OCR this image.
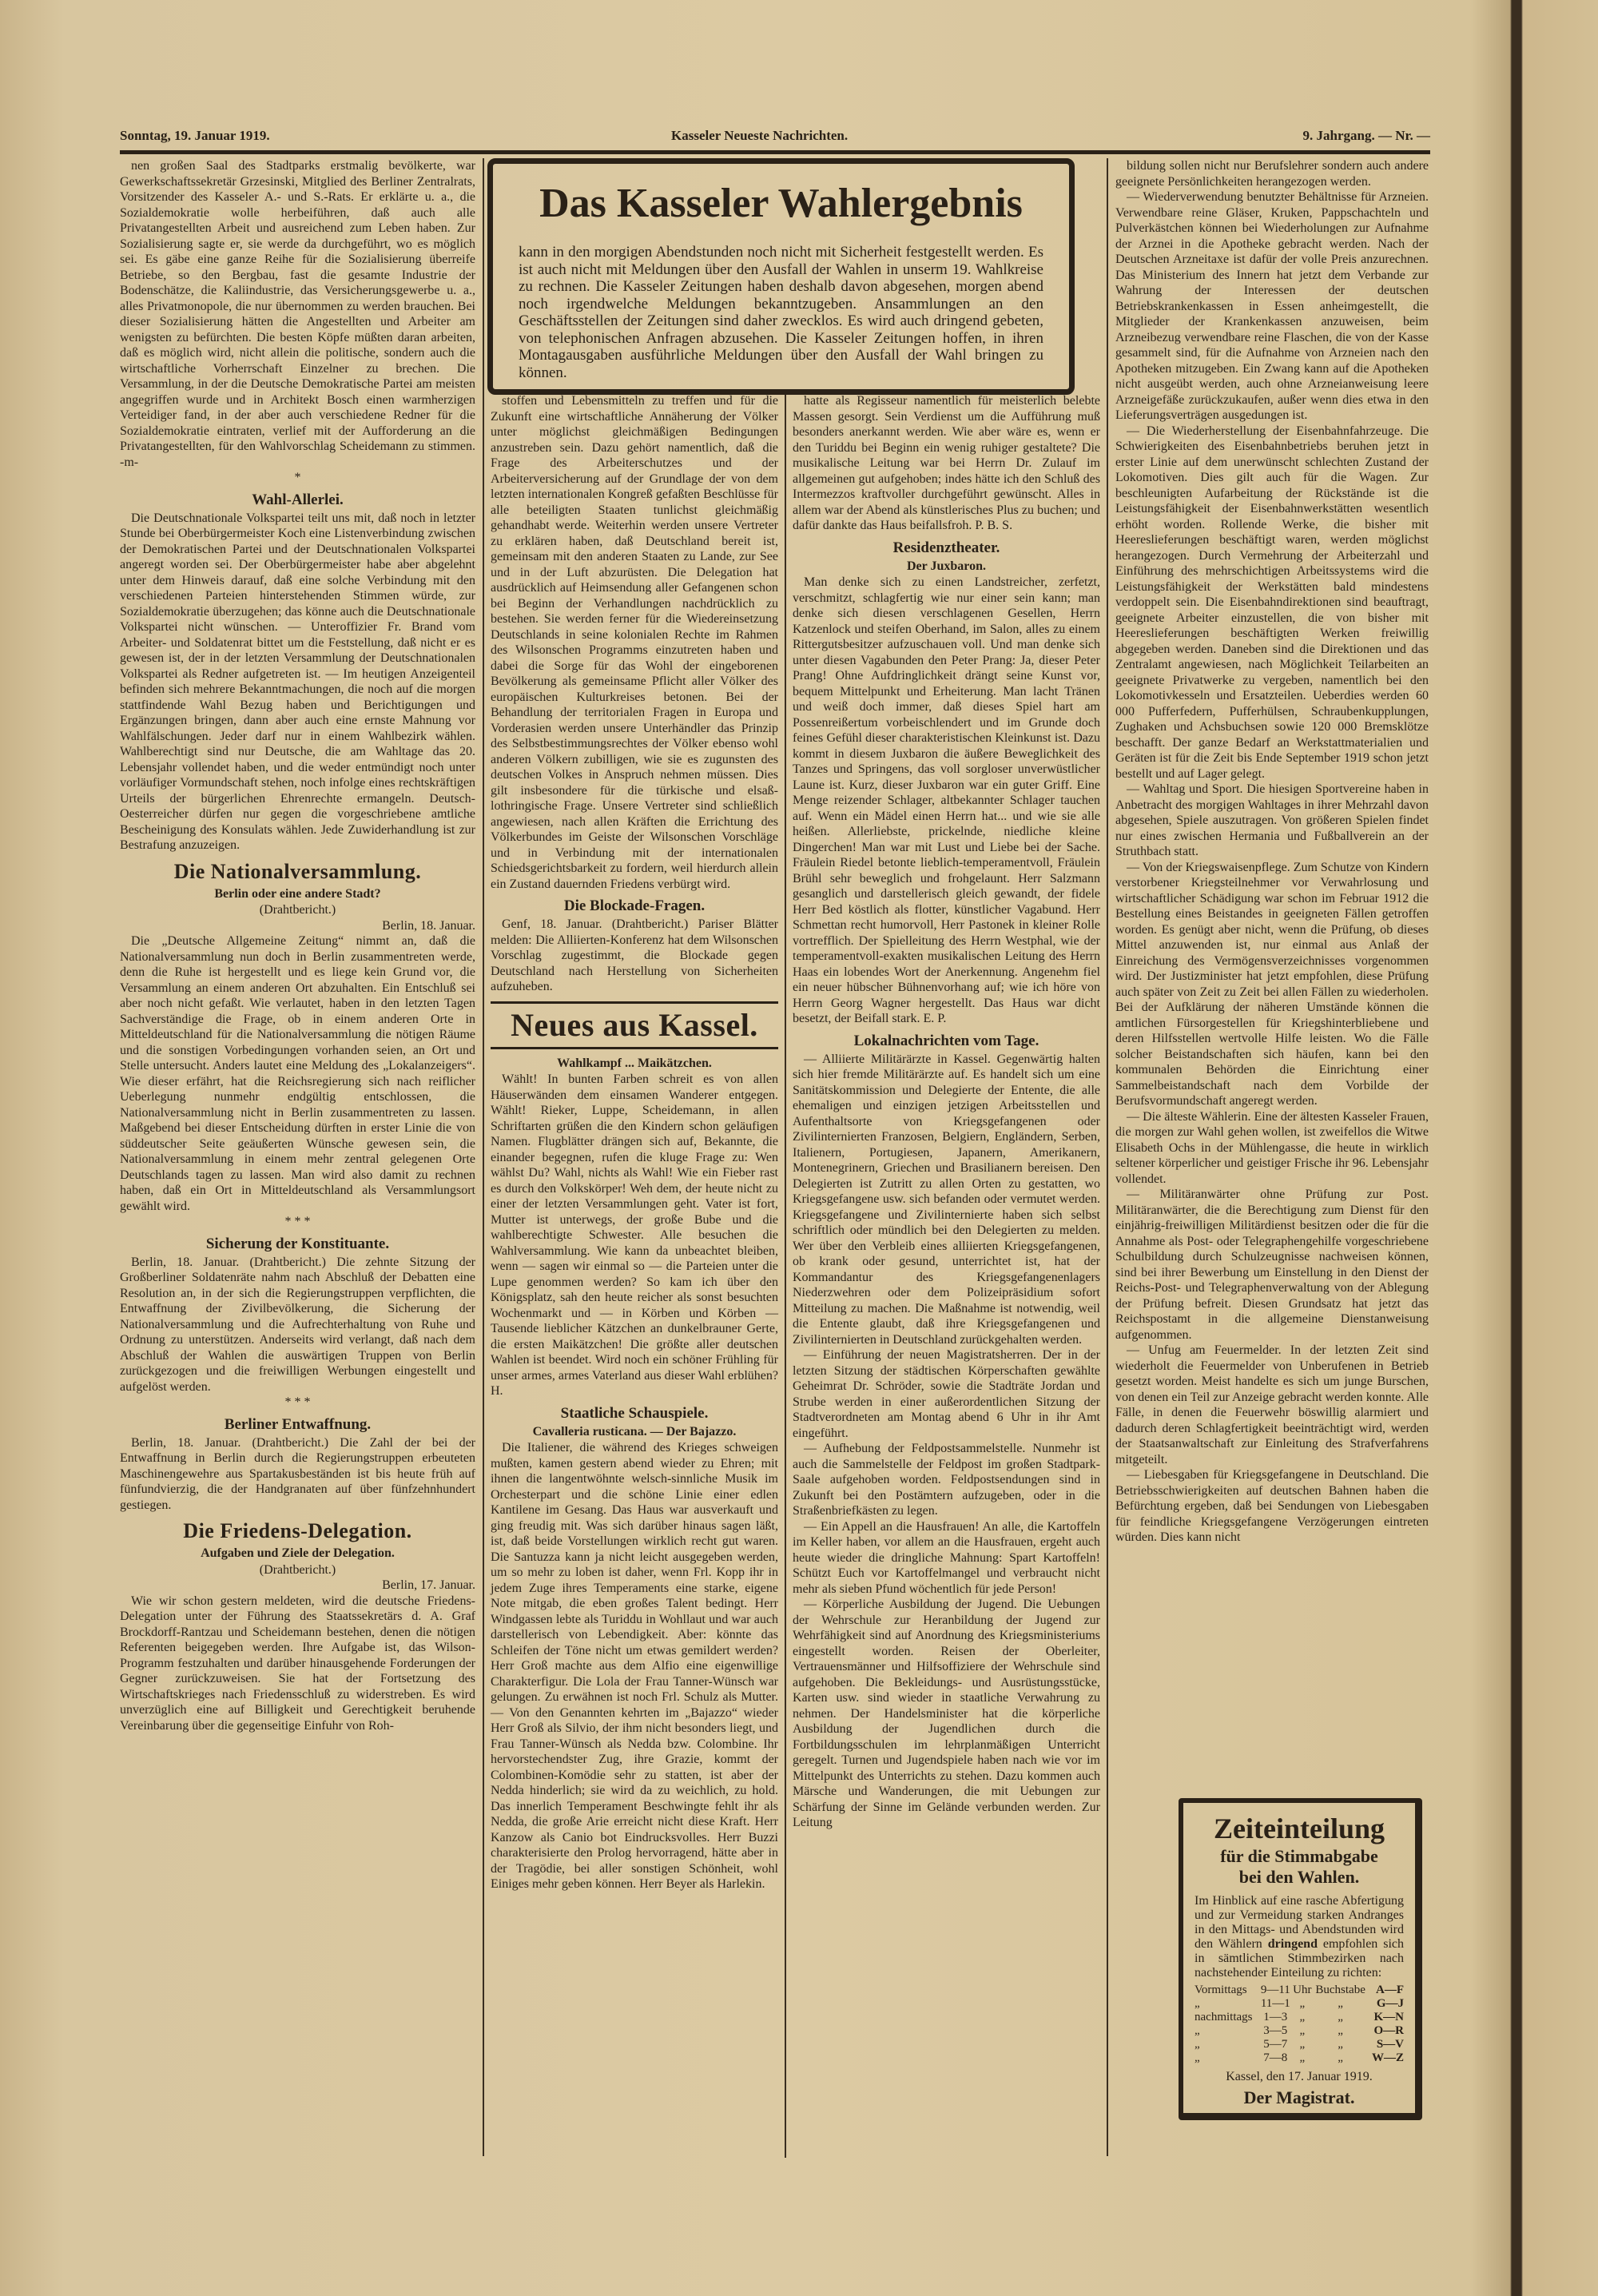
Sonntag, 19. Januar 1919.	Kasseler Neueste Nachrichten.	9. Jahrgang. — Nr. —
Das Kasseler Wahlergebnis
kann in den morgigen Abendstunden noch nicht mit Sicherheit festgestellt werden. Es ist auch nicht mit Meldungen über den Ausfall der Wahlen in unserm 19. Wahlkreise zu rechnen. Die Kasseler Zeitungen haben deshalb davon abgesehen, morgen abend noch irgendwelche Meldungen bekanntzugeben. Ansammlungen an den Geschäftsstellen der Zeitungen sind daher zwecklos. Es wird auch dringend gebeten, von telephonischen Anfragen abzusehen. Die Kasseler Zeitungen hoffen, in ihren Montagausgaben ausführliche Meldungen über den Ausfall der Wahl bringen zu können.

nen großen Saal des Stadtparks erstmalig bevölkerte, war Gewerkschaftssekretär Grzesinski, Mitglied des Berliner Zentralrats, Vorsitzender des Kasseler A.- und S.-Rats. Er erklärte u. a., die Sozialdemokratie wolle herbeiführen, daß auch alle Privatangestellten Arbeit und ausreichend zum Leben haben. Zur Sozialisierung sagte er, sie werde da durchgeführt, wo es möglich sei. Es gäbe eine ganze Reihe für die Sozialisierung überreife Betriebe, so den Bergbau, fast die gesamte Industrie der Bodenschätze, die Kaliindustrie, das Versicherungsgewerbe u. a., alles Privatmonopole, die nur übernommen zu werden brauchen. Bei dieser Sozialisierung hätten die Angestellten und Arbeiter am wenigsten zu befürchten. Die besten Köpfe müßten daran arbeiten, daß es möglich wird, nicht allein die politische, sondern auch die wirtschaftliche Vorherrschaft Einzelner zu brechen. Die Versammlung, in der die Deutsche Demokratische Partei am meisten angegriffen wurde und in Architekt Bosch einen warmherzigen Verteidiger fand, in der aber auch verschiedene Redner für die Sozialdemokratie eintraten, verlief mit der Aufforderung an die Privatangestellten, für den Wahlvorschlag Scheidemann zu stimmen. -m-

*

Wahl-Allerlei.

Die Deutschnationale Volkspartei teilt uns mit, daß noch in letzter Stunde bei Oberbürgermeister Koch eine Listenverbindung zwischen der Demokratischen Partei und der Deutschnationalen Volkspartei angeregt worden sei. Der Oberbürgermeister habe aber abgelehnt unter dem Hinweis darauf, daß eine solche Verbindung mit den verschiedenen Parteien hinterstehenden Stimmen würde, zur Sozialdemokratie überzugehen; das könne auch die Deutschnationale Volkspartei nicht wünschen. — Unteroffizier Fr. Brand vom Arbeiter- und Soldatenrat bittet um die Feststellung, daß nicht er es gewesen ist, der in der letzten Versammlung der Deutschnationalen Volkspartei als Redner aufgetreten ist. — Im heutigen Anzeigenteil befinden sich mehrere Bekanntmachungen, die noch auf die morgen stattfindende Wahl Bezug haben und Berichtigungen und Ergänzungen bringen, dann aber auch eine ernste Mahnung vor Wahlfälschungen. Jeder darf nur in einem Wahlbezirk wählen. Wahlberechtigt sind nur Deutsche, die am Wahltage das 20. Lebensjahr vollendet haben, und die weder entmündigt noch unter vorläufiger Vormundschaft stehen, noch infolge eines rechtskräftigen Urteils der bürgerlichen Ehrenrechte ermangeln. Deutsch-Oesterreicher dürfen nur gegen die vorgeschriebene amtliche Bescheinigung des Konsulats wählen. Jede Zuwiderhandlung ist zur Bestrafung anzuzeigen.

Die Nationalversammlung.
Berlin oder eine andere Stadt?

(Drahtbericht.)

Berlin, 18. Januar.

Die „Deutsche Allgemeine Zeitung“ nimmt an, daß die Nationalversammlung nun doch in Berlin zusammentreten werde, denn die Ruhe ist hergestellt und es liege kein Grund vor, die Versammlung an einem anderen Ort abzuhalten. Ein Entschluß sei aber noch nicht gefaßt. Wie verlautet, haben in den letzten Tagen Sachverständige die Frage, ob in einem anderen Orte in Mitteldeutschland für die Nationalversammlung die nötigen Räume und die sonstigen Vorbedingungen vorhanden seien, an Ort und Stelle untersucht. Anders lautet eine Meldung des „Lokalanzeigers“. Wie dieser erfährt, hat die Reichsregierung sich nach reiflicher Ueberlegung nunmehr endgültig entschlossen, die Nationalversammlung nicht in Berlin zusammentreten zu lassen. Maßgebend bei dieser Entscheidung dürften in erster Linie die von süddeutscher Seite geäußerten Wünsche gewesen sein, die Nationalversammlung in einem mehr zentral gelegenen Orte Deutschlands tagen zu lassen. Man wird also damit zu rechnen haben, daß ein Ort in Mitteldeutschland als Versammlungsort gewählt wird.

* * *

Sicherung der Konstituante.

Berlin, 18. Januar. (Drahtbericht.) Die zehnte Sitzung der Großberliner Soldatenräte nahm nach Abschluß der Debatten eine Resolution an, in der sich die Regierungstruppen verpflichten, die Entwaffnung der Zivilbevölkerung, die Sicherung der Nationalversammlung und die Aufrechterhaltung von Ruhe und Ordnung zu unterstützen. Anderseits wird verlangt, daß nach dem Abschluß der Wahlen die auswärtigen Truppen von Berlin zurückgezogen und die freiwilligen Werbungen eingestellt und aufgelöst werden.

* * *

Berliner Entwaffnung.

Berlin, 18. Januar. (Drahtbericht.) Die Zahl der bei der Entwaffnung in Berlin durch die Regierungstruppen erbeuteten Maschinengewehre aus Spartakusbeständen ist bis heute früh auf fünfundvierzig, die der Handgranaten auf über fünfzehnhundert gestiegen.

Die Friedens-Delegation.
Aufgaben und Ziele der Delegation.

(Drahtbericht.)

Berlin, 17. Januar.

Wie wir schon gestern meldeten, wird die deutsche Friedens-Delegation unter der Führung des Staatssekretärs d. A. Graf Brockdorff-Rantzau und Scheidemann bestehen, denen die nötigen Referenten beigegeben werden. Ihre Aufgabe ist, das Wilson-Programm festzuhalten und darüber hinausgehende Forderungen der Gegner zurückzuweisen. Sie hat der Fortsetzung des Wirtschaftskrieges nach Friedensschluß zu widerstreben. Es wird unverzüglich eine auf Billigkeit und Gerechtigkeit beruhende Vereinbarung über die gegenseitige Einfuhr von Roh-

stoffen und Lebensmitteln zu treffen und für die Zukunft eine wirtschaftliche Annäherung der Völker unter möglichst gleichmäßigen Bedingungen anzustreben sein. Dazu gehört namentlich, daß die Frage des Arbeiterschutzes und der Arbeiterversicherung auf der Grundlage der von dem letzten internationalen Kongreß gefaßten Beschlüsse für alle beteiligten Staaten tunlichst gleichmäßig gehandhabt werde. Weiterhin werden unsere Vertreter zu erklären haben, daß Deutschland bereit ist, gemeinsam mit den anderen Staaten zu Lande, zur See und in der Luft abzurüsten. Die Delegation hat ausdrücklich auf Heimsendung aller Gefangenen schon bei Beginn der Verhandlungen nachdrücklich zu bestehen. Sie werden ferner für die Wiedereinsetzung Deutschlands in seine kolonialen Rechte im Rahmen des Wilsonschen Programms einzutreten haben und dabei die Sorge für das Wohl der eingeborenen Bevölkerung als gemeinsame Pflicht aller Völker des europäischen Kulturkreises betonen. Bei der Behandlung der territorialen Fragen in Europa und Vorderasien werden unsere Unterhändler das Prinzip des Selbstbestimmungsrechtes der Völker ebenso wohl anderen Völkern zubilligen, wie sie es zugunsten des deutschen Volkes in Anspruch nehmen müssen. Dies gilt insbesondere für die türkische und elsaß-lothringische Frage. Unsere Vertreter sind schließlich angewiesen, nach allen Kräften die Errichtung des Völkerbundes im Geiste der Wilsonschen Vorschläge und in Verbindung mit der internationalen Schiedsgerichtsbarkeit zu fordern, weil hierdurch allein ein Zustand dauernden Friedens verbürgt wird.

Die Blockade-Fragen.

Genf, 18. Januar. (Drahtbericht.) Pariser Blätter melden: Die Alliierten-Konferenz hat dem Wilsonschen Vorschlag zugestimmt, die Blockade gegen Deutschland nach Herstellung von Sicherheiten aufzuheben.

Neues aus Kassel.
Wahlkampf ... Maikätzchen.

Wählt! In bunten Farben schreit es von allen Häuserwänden dem einsamen Wanderer entgegen. Wählt! Rieker, Luppe, Scheidemann, in allen Schriftarten grüßen die den Kindern schon geläufigen Namen. Flugblätter drängen sich auf, Bekannte, die einander begegnen, rufen die kluge Frage zu: Wen wählst Du? Wahl, nichts als Wahl! Wie ein Fieber rast es durch den Volkskörper! Weh dem, der heute nicht zu einer der letzten Versammlungen geht. Vater ist fort, Mutter ist unterwegs, der große Bube und die wahlberechtigte Schwester. Alle besuchen die Wahlversammlung. Wie kann da unbeachtet bleiben, wenn — sagen wir einmal so — die Parteien unter die Lupe genommen werden? So kam ich über den Königsplatz, sah den heute reicher als sonst besuchten Wochenmarkt und — in Körben und Körben — Tausende lieblicher Kätzchen an dunkelbrauner Gerte, die ersten Maikätzchen! Die größte aller deutschen Wahlen ist beendet. Wird noch ein schöner Frühling für unser armes, armes Vaterland aus dieser Wahl erblühen? H.

Staatliche Schauspiele.
Cavalleria rusticana. — Der Bajazzo.

Die Italiener, die während des Krieges schweigen mußten, kamen gestern abend wieder zu Ehren; mit ihnen die langentwöhnte welsch-sinnliche Musik im Orchesterpart und die schöne Linie einer edlen Kantilene im Gesang. Das Haus war ausverkauft und ging freudig mit. Was sich darüber hinaus sagen läßt, ist, daß beide Vorstellungen wirklich recht gut waren. Die Santuzza kann ja nicht leicht ausgegeben werden, um so mehr zu loben ist daher, wenn Frl. Kopp ihr in jedem Zuge ihres Temperaments eine starke, eigene Note mitgab, die eben großes Talent bedingt. Herr Windgassen lebte als Turiddu in Wohllaut und war auch darstellerisch von Lebendigkeit. Aber: könnte das Schleifen der Töne nicht um etwas gemildert werden? Herr Groß machte aus dem Alfio eine eigenwillige Charakterfigur. Die Lola der Frau Tanner-Wünsch war gelungen. Zu erwähnen ist noch Frl. Schulz als Mutter. — Von den Genannten kehrten im „Bajazzo“ wieder Herr Groß als Silvio, der ihm nicht besonders liegt, und Frau Tanner-Wünsch als Nedda bzw. Colombine. Ihr hervorstechendster Zug, ihre Grazie, kommt der Colombinen-Komödie sehr zu statten, ist aber der Nedda hinderlich; sie wird da zu weichlich, zu hold. Das innerlich Temperament Beschwingte fehlt ihr als Nedda, die große Arie erreicht nicht diese Kraft. Herr Kanzow als Canio bot Eindrucksvolles. Herr Buzzi charakterisierte den Prolog hervorragend, hätte aber in der Tragödie, bei aller sonstigen Schönheit, wohl Einiges mehr geben können. Herr Beyer als Harlekin.

hatte als Regisseur namentlich für meisterlich belebte Massen gesorgt. Sein Verdienst um die Aufführung muß besonders anerkannt werden. Wie aber wäre es, wenn er den Turiddu bei Beginn ein wenig ruhiger gestaltete? Die musikalische Leitung war bei Herrn Dr. Zulauf im allgemeinen gut aufgehoben; indes hätte ich den Schluß des Intermezzos kraftvoller durchgeführt gewünscht. Alles in allem war der Abend als künstlerisches Plus zu buchen; und dafür dankte das Haus beifallsfroh. P. B. S.

Residenztheater.
Der Juxbaron.

Man denke sich zu einen Landstreicher, zerfetzt, verschmitzt, schlagfertig wie nur einer sein kann; man denke sich diesen verschlagenen Gesellen, Herrn Katzenlock und steifen Oberhand, im Salon, alles zu einem Rittergutsbesitzer aufzuschauen voll. Und man denke sich unter diesen Vagabunden den Peter Prang: Ja, dieser Peter Prang! Ohne Aufdringlichkeit drängt seine Kunst vor, bequem Mittelpunkt und Erheiterung. Man lacht Tränen und weiß doch immer, daß dieses Spiel hart am Possenreißertum vorbeischlendert und im Grunde doch feines Gefühl dieser charakteristischen Kleinkunst ist. Dazu kommt in diesem Juxbaron die äußere Beweglichkeit des Tanzes und Springens, das voll sorgloser unverwüstlicher Laune ist. Kurz, dieser Juxbaron war ein guter Griff. Eine Menge reizender Schlager, altbekannter Schlager tauchen auf. Wenn ein Mädel einen Herrn hat... und wie sie alle heißen. Allerliebste, prickelnde, niedliche kleine Dingerchen! Man war mit Lust und Liebe bei der Sache. Fräulein Riedel betonte lieblich-temperamentvoll, Fräulein Brühl sehr beweglich und frohgelaunt. Herr Salzmann gesanglich und darstellerisch gleich gewandt, der fidele Herr Bed köstlich als flotter, künstlicher Vagabund. Herr Schmettan recht humorvoll, Herr Pastonek in kleiner Rolle vortrefflich. Der Spielleitung des Herrn Westphal, wie der temperamentvoll-exakten musikalischen Leitung des Herrn Haas ein lobendes Wort der Anerkennung. Angenehm fiel ein neuer hübscher Bühnenvorhang auf; wie ich höre von Herrn Georg Wagner hergestellt. Das Haus war dicht besetzt, der Beifall stark. E. P.

Lokalnachrichten vom Tage.

— Alliierte Militärärzte in Kassel. Gegenwärtig halten sich hier fremde Militärärzte auf. Es handelt sich um eine Sanitätskommission und Delegierte der Entente, die alle ehemaligen und einzigen jetzigen Arbeitsstellen und Aufenthaltsorte von Kriegsgefangenen oder Zivilinternierten Franzosen, Belgiern, Engländern, Serben, Italienern, Portugiesen, Japanern, Amerikanern, Montenegrinern, Griechen und Brasilianern bereisen. Den Delegierten ist Zutritt zu allen Orten zu gestatten, wo Kriegsgefangene usw. sich befanden oder vermutet werden. Kriegsgefangene und Zivilinternierte haben sich selbst schriftlich oder mündlich bei den Delegierten zu melden. Wer über den Verbleib eines alliierten Kriegsgefangenen, ob krank oder gesund, unterrichtet ist, hat der Kommandantur des Kriegsgefangenenlagers Niederzwehren oder dem Polizeipräsidium sofort Mitteilung zu machen. Die Maßnahme ist notwendig, weil die Entente glaubt, daß ihre Kriegsgefangenen und Zivilinternierten in Deutschland zurückgehalten werden.

— Einführung der neuen Magistratsherren. Der in der letzten Sitzung der städtischen Körperschaften gewählte Geheimrat Dr. Schröder, sowie die Stadträte Jordan und Strube werden in einer außerordentlichen Sitzung der Stadtverordneten am Montag abend 6 Uhr in ihr Amt eingeführt.

— Aufhebung der Feldpostsammelstelle. Nunmehr ist auch die Sammelstelle der Feldpost im großen Stadtpark-Saale aufgehoben worden. Feldpostsendungen sind in Zukunft bei den Postämtern aufzugeben, oder in die Straßenbriefkästen zu legen.

— Ein Appell an die Hausfrauen! An alle, die Kartoffeln im Keller haben, vor allem an die Hausfrauen, ergeht auch heute wieder die dringliche Mahnung: Spart Kartoffeln! Schützt Euch vor Kartoffelmangel und verbraucht nicht mehr als sieben Pfund wöchentlich für jede Person!

— Körperliche Ausbildung der Jugend. Die Uebungen der Wehrschule zur Heranbildung der Jugend zur Wehrfähigkeit sind auf Anordnung des Kriegsministeriums eingestellt worden. Reisen der Oberleiter, Vertrauensmänner und Hilfsoffiziere der Wehrschule sind aufgehoben. Die Bekleidungs- und Ausrüstungsstücke, Karten usw. sind wieder in staatliche Verwahrung zu nehmen. Der Handelsminister hat die körperliche Ausbildung der Jugendlichen durch die Fortbildungsschulen im lehrplanmäßigen Unterricht geregelt. Turnen und Jugendspiele haben nach wie vor im Mittelpunkt des Unterrichts zu stehen. Dazu kommen auch Märsche und Wanderungen, die mit Uebungen zur Schärfung der Sinne im Gelände verbunden werden. Zur Leitung

bildung sollen nicht nur Berufslehrer sondern auch andere geeignete Persönlichkeiten herangezogen werden.

— Wiederverwendung benutzter Behältnisse für Arzneien. Verwendbare reine Gläser, Kruken, Pappschachteln und Pulverkästchen können bei Wiederholungen zur Aufnahme der Arznei in die Apotheke gebracht werden. Nach der Deutschen Arzneitaxe ist dafür der volle Preis anzurechnen. Das Ministerium des Innern hat jetzt dem Verbande zur Wahrung der Interessen der deutschen Betriebskrankenkassen in Essen anheimgestellt, die Mitglieder der Krankenkassen anzuweisen, beim Arzneibezug verwendbare reine Flaschen, die von der Kasse gesammelt sind, für die Aufnahme von Arzneien nach den Apotheken mitzugeben. Ein Zwang kann auf die Apotheken nicht ausgeübt werden, auch ohne Arzneianweisung leere Arzneigefäße zurückzukaufen, außer wenn dies etwa in den Lieferungsverträgen ausgedungen ist.

— Die Wiederherstellung der Eisenbahnfahrzeuge. Die Schwierigkeiten des Eisenbahnbetriebs beruhen jetzt in erster Linie auf dem unerwünscht schlechten Zustand der Lokomotiven. Dies gilt auch für die Wagen. Zur beschleunigten Aufarbeitung der Rückstände ist die Leistungsfähigkeit der Eisenbahnwerkstätten wesentlich erhöht worden. Rollende Werke, die bisher mit Heereslieferungen beschäftigt waren, werden möglichst herangezogen. Durch Vermehrung der Arbeiterzahl und Einführung des mehrschichtigen Arbeitssystems wird die Leistungsfähigkeit der Werkstätten bald mindestens verdoppelt sein. Die Eisenbahndirektionen sind beauftragt, geeignete Arbeiter einzustellen, die von bisher mit Heereslieferungen beschäftigten Werken freiwillig abgegeben werden. Daneben sind die Direktionen und das Zentralamt angewiesen, nach Möglichkeit Teilarbeiten an geeignete Privatwerke zu vergeben, namentlich bei den Lokomotivkesseln und Ersatzteilen. Ueberdies werden 60 000 Pufferfedern, Pufferhülsen, Schraubenkupplungen, Zughaken und Achsbuchsen sowie 120 000 Bremsklötze beschafft. Der ganze Bedarf an Werkstattmaterialien und Geräten ist für die Zeit bis Ende September 1919 schon jetzt bestellt und auf Lager gelegt.

— Wahltag und Sport. Die hiesigen Sportvereine haben in Anbetracht des morgigen Wahltages in ihrer Mehrzahl davon abgesehen, Spiele auszutragen. Von größeren Spielen findet nur eines zwischen Hermania und Fußballverein an der Struthbach statt.

— Von der Kriegswaisenpflege. Zum Schutze von Kindern verstorbener Kriegsteilnehmer vor Verwahrlosung und wirtschaftlicher Schädigung war schon im Februar 1912 die Bestellung eines Beistandes in geeigneten Fällen getroffen worden. Es genügt aber nicht, wenn die Prüfung, ob dieses Mittel anzuwenden ist, nur einmal aus Anlaß der Einreichung des Vermögensverzeichnisses vorgenommen wird. Der Justizminister hat jetzt empfohlen, diese Prüfung auch später von Zeit zu Zeit bei allen Fällen zu wiederholen. Bei der Aufklärung der näheren Umstände können die amtlichen Fürsorgestellen für Kriegshinterbliebene und deren Hilfsstellen wertvolle Hilfe leisten. Wo die Fälle solcher Beistandschaften sich häufen, kann bei den kommunalen Behörden die Einrichtung einer Sammelbeistandschaft nach dem Vorbilde der Berufsvormundschaft angeregt werden.

— Die älteste Wählerin. Eine der ältesten Kasseler Frauen, die morgen zur Wahl gehen wollen, ist zweifellos die Witwe Elisabeth Ochs in der Mühlengasse, die heute in wirklich seltener körperlicher und geistiger Frische ihr 96. Lebensjahr vollendet.

— Militäranwärter ohne Prüfung zur Post. Militäranwärter, die die Berechtigung zum Dienst für den einjährig-freiwilligen Militärdienst besitzen oder die für die Annahme als Post- oder Telegraphengehilfe vorgeschriebene Schulbildung durch Schulzeugnisse nachweisen können, sind bei ihrer Bewerbung um Einstellung in den Dienst der Reichs-Post- und Telegraphenverwaltung von der Ablegung der Prüfung befreit. Diesen Grundsatz hat jetzt das Reichspostamt in die allgemeine Dienstanweisung aufgenommen.

— Unfug am Feuermelder. In der letzten Zeit sind wiederholt die Feuermelder von Unberufenen in Betrieb gesetzt worden. Meist handelte es sich um junge Burschen, von denen ein Teil zur Anzeige gebracht werden konnte. Alle Fälle, in denen die Feuerwehr böswillig alarmiert und dadurch deren Schlagfertigkeit beeinträchtigt wird, werden der Staatsanwaltschaft zur Einleitung des Strafverfahrens mitgeteilt.

— Liebesgaben für Kriegsgefangene in Deutschland. Die Betriebsschwierigkeiten auf deutschen Bahnen haben die Befürchtung ergeben, daß bei Sendungen von Liebesgaben für feindliche Kriegsgefangene Verzögerungen eintreten würden. Dies kann nicht

Zeiteinteilung
für die Stimmabgabe
bei den Wahlen.
Im Hinblick auf eine rasche Abfertigung und zur Vermeidung starken Andranges in den Mittags- und Abendstunden wird den Wählern dringend empfohlen sich in sämtlichen Stimmbezirken nach nachstehender Einteilung zu richten:
Vormittags	9—11	Uhr	Buchstabe	A—F
„	11—1	„	„	G—J
nachmittags	1—3	„	„	K—N
„	3—5	„	„	O—R
„	5—7	„	„	S—V
„	7—8	„	„	W—Z
Kassel, den 17. Januar 1919.
Der Magistrat.
